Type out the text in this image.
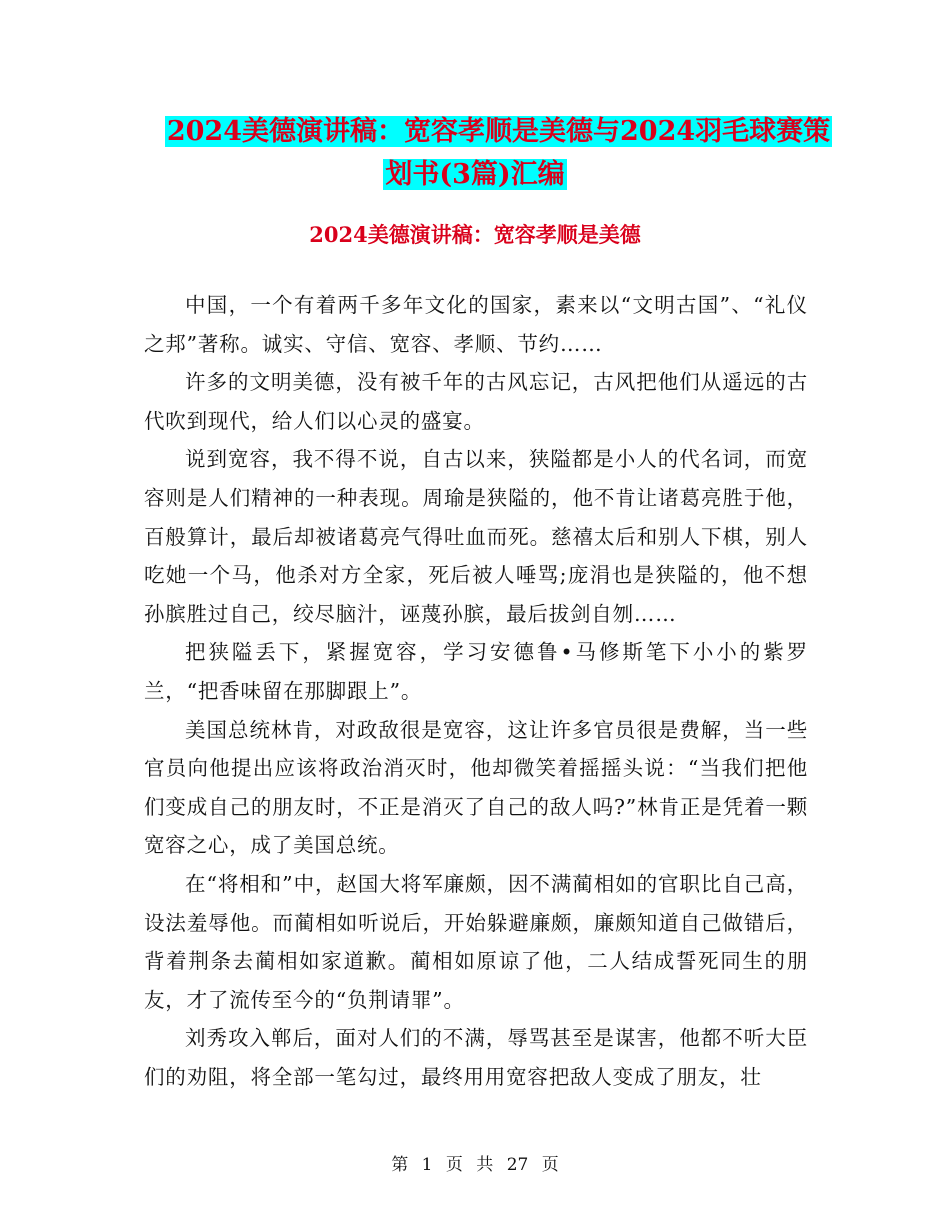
2024美德演讲稿：宽容孝顺是美德与2024羽毛球赛策
划书(3篇)汇编
2024美德演讲稿：宽容孝顺是美德

中国，一个有着两千多年文化的国家，素来以“文明古国”、“礼仪之邦”著称。诚实、守信、宽容、孝顺、节约……

许多的文明美德，没有被千年的古风忘记，古风把他们从遥远的古代吹到现代，给人们以心灵的盛宴。

说到宽容，我不得不说，自古以来，狭隘都是小人的代名词，而宽容则是人们精神的一种表现。周瑜是狭隘的，他不肯让诸葛亮胜于他，百般算计，最后却被诸葛亮气得吐血而死。慈禧太后和别人下棋，别人吃她一个马，他杀对方全家，死后被人唾骂;庞涓也是狭隘的，他不想孙膑胜过自己，绞尽脑汁，诬蔑孙膑，最后拔剑自刎……

把狭隘丢下，紧握宽容，学习安德鲁•马修斯笔下小小的紫罗兰，“把香味留在那脚跟上”。

美国总统林肯，对政敌很是宽容，这让许多官员很是费解，当一些官员向他提出应该将政治消灭时，他却微笑着摇摇头说：“当我们把他们变成自己的朋友时，不正是消灭了自己的敌人吗?”林肯正是凭着一颗宽容之心，成了美国总统。

在“将相和”中，赵国大将军廉颇，因不满蔺相如的官职比自己高，设法羞辱他。而蔺相如听说后，开始躲避廉颇，廉颇知道自己做错后，背着荆条去蔺相如家道歉。蔺相如原谅了他，二人结成誓死同生的朋友，才了流传至今的“负荆请罪”。

刘秀攻入郸后，面对人们的不满，辱骂甚至是谋害，他都不听大臣们的劝阻，将全部一笔勾过，最终用用宽容把敌人变成了朋友，壮

第 1 页 共 27 页
